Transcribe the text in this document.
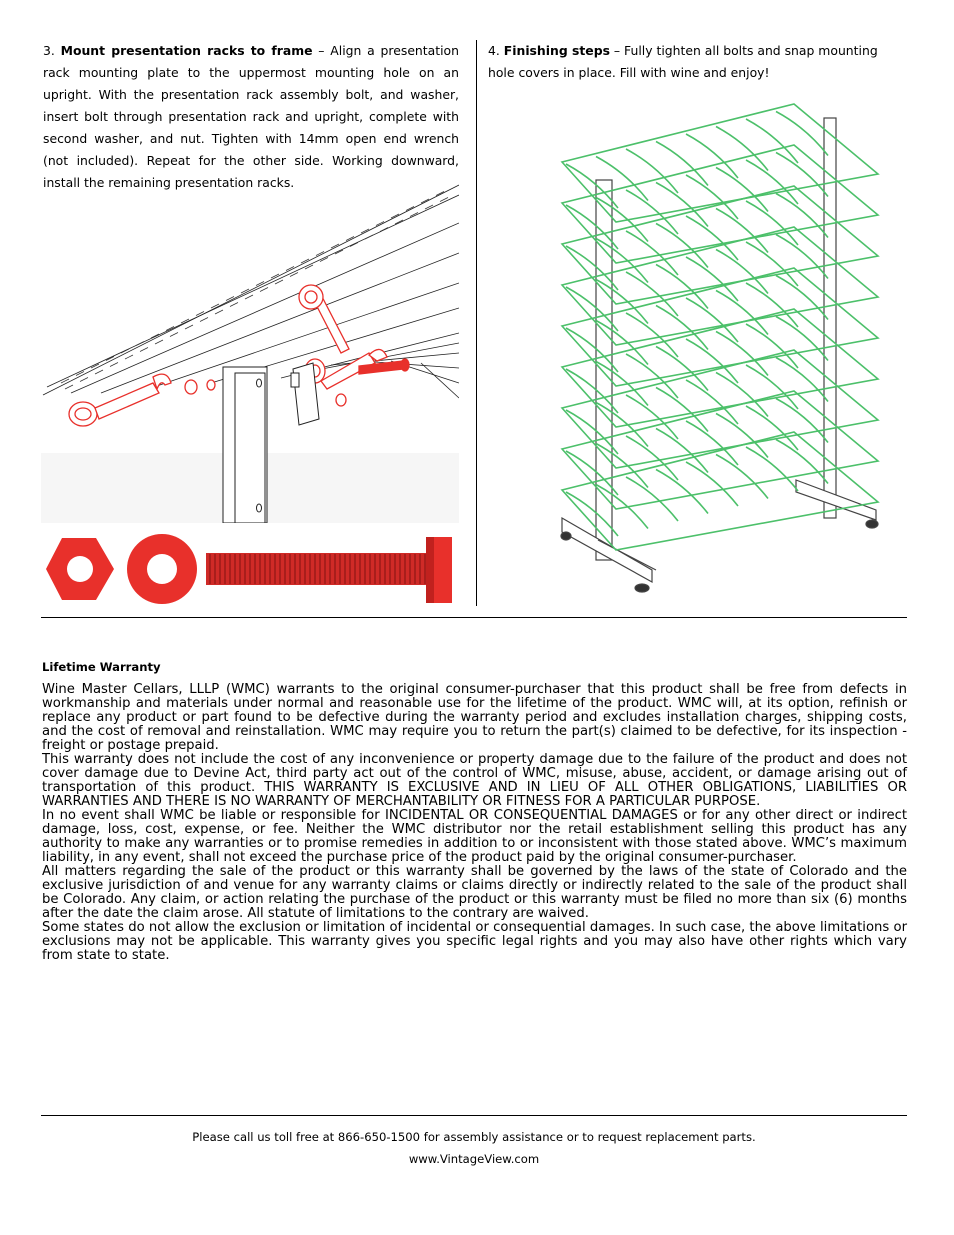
3. Mount presentation racks to frame – Align a presentation rack mounting plate to the uppermost mounting hole on an upright. With the presentation rack assembly bolt, and washer, insert bolt through presentation rack and upright, complete with second washer, and nut. Tighten with 14mm open end wrench (not included). Repeat for the other side. Working downward, install the remaining presentation racks.
4. Finishing steps – Fully tighten all bolts and snap mounting hole covers in place. Fill with wine and enjoy!
Lifetime Warranty

Wine Master Cellars, LLLP (WMC) warrants to the original consumer-purchaser that this product shall be free from defects in workmanship and materials under normal and reasonable use for the lifetime of the product. WMC will, at its option, refinish or replace any product or part found to be defective during the warranty period and excludes installation charges, shipping costs, and the cost of removal and reinstallation. WMC may require you to return the part(s) claimed to be defective, for its inspection - freight or postage prepaid.

This warranty does not include the cost of any inconvenience or property damage due to the failure of the product and does not cover damage due to Devine Act, third party act out of the control of WMC, misuse, abuse, accident, or damage arising out of transportation of this product. THIS WARRANTY IS EXCLUSIVE AND IN LIEU OF ALL OTHER OBLIGATIONS, LIABILITIES OR WARRANTIES AND THERE IS NO WARRANTY OF MERCHANTABILITY OR FITNESS FOR A PARTICULAR PURPOSE.

In no event shall WMC be liable or responsible for INCIDENTAL OR CONSEQUENTIAL DAMAGES or for any other direct or indirect damage, loss, cost, expense, or fee. Neither the WMC distributor nor the retail establishment selling this product has any authority to make any warranties or to promise remedies in addition to or inconsistent with those stated above. WMC’s maximum liability, in any event, shall not exceed the purchase price of the product paid by the original consumer-purchaser.

All matters regarding the sale of the product or this warranty shall be governed by the laws of the state of Colorado and the exclusive jurisdiction of and venue for any warranty claims or claims directly or indirectly related to the sale of the product shall be Colorado. Any claim, or action relating the purchase of the product or this warranty must be filed no more than six (6) months after the date the claim arose. All statute of limitations to the contrary are waived.

Some states do not allow the exclusion or limitation of incidental or consequential damages. In such case, the above limitations or exclusions may not be applicable. This warranty gives you specific legal rights and you may also have other rights which vary from state to state.

Please call us toll free at 866-650-1500 for assembly assistance or to request replacement parts.
www.VintageView.com
